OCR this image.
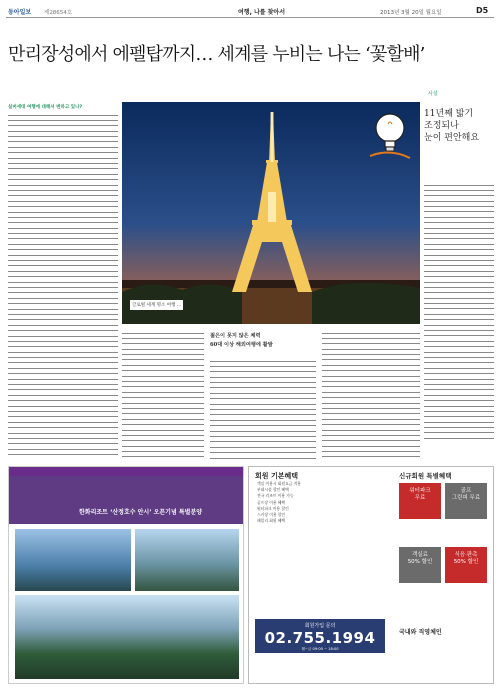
동아일보 제28654호	여행, 나를 찾아서	2013년 3월 20일 월요일	D5
만리장성에서 에펠탑까지… 세계를 누비는 나는 ‘꽃할배’
실버세대 여행에 대해서 변하고 있나?

글로벌 세계 명소 여행 ...
젊은이 못지 않은 체력
60대 이상 해외여행에 활발

사설
11년째 밟기
조정되나
눈이 편안해요

한화리조트 ‘산정호수 안시’ 오픈기념 특별분양
회원 기본혜택
객실 이용시 회원요금 적용
부대시설 할인 혜택
전국 리조트 이용 가능
골프장 이용 혜택
워터파크 이용 할인
스키장 이용 할인
패밀리 회원 혜택
회원가입 문의
02.755.1994
월~금 09:00 ~ 18:00
신규회원 특별혜택
워터파크
무료
골프
그린피 무료
객실료
50% 할인
식음·판촉
50% 할인
국내와 직영체인
